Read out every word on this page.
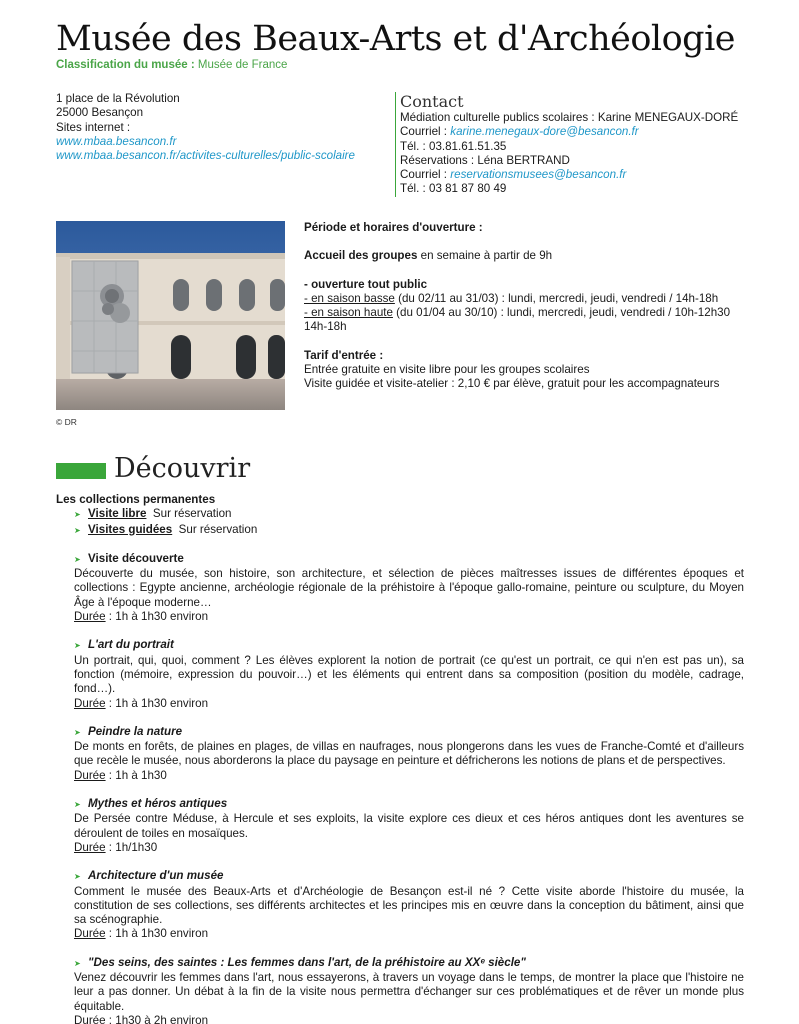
Musée des Beaux-Arts et d'Archéologie
Classification du musée : Musée de France
1 place de la Révolution
25000 Besançon
Sites internet :
www.mbaa.besancon.fr
www.mbaa.besancon.fr/activites-culturelles/public-scolaire
Contact
Médiation culturelle publics scolaires : Karine MENEGAUX-DORÉ
Courriel : karine.menegaux-dore@besancon.fr
Tél. : 03.81.61.51.35
Réservations : Léna BERTRAND
Courriel : reservationsmusees@besancon.fr
Tél. : 03 81 87 80 49
© DR

Période et horaires d'ouverture :

Accueil des groupes en semaine à partir de 9h

- ouverture tout public

- en saison basse (du 02/11 au 31/03) : lundi, mercredi, jeudi, vendredi / 14h-18h

- en saison haute (du 01/04 au 30/10) : lundi, mercredi, jeudi, vendredi / 10h-12h30

14h-18h

Tarif d'entrée :

Entrée gratuite en visite libre pour les groupes scolaires

Visite guidée et visite-atelier : 2,10 € par élève, gratuit pour les accompagnateurs

Découvrir
Les collections permanentes
➤ Visite libre Sur réservation
➤ Visites guidées Sur réservation
➤ Visite découverte
Découverte du musée, son histoire, son architecture, et sélection de pièces maîtresses issues de différentes époques et collections : Egypte ancienne, archéologie régionale de la préhistoire à l'époque gallo-romaine, peinture ou sculpture, du Moyen Âge à l'époque moderne…
Durée : 1h à 1h30 environ
➤ L'art du portrait
Un portrait, qui, quoi, comment ? Les élèves explorent la notion de portrait (ce qu'est un portrait, ce qui n'en est pas un), sa fonction (mémoire, expression du pouvoir…) et les éléments qui entrent dans sa composition (position du modèle, cadrage, fond…).
Durée : 1h à 1h30 environ
➤ Peindre la nature
De monts en forêts, de plaines en plages, de villas en naufrages, nous plongerons dans les vues de Franche-Comté et d'ailleurs que recèle le musée, nous aborderons la place du paysage en peinture et défricherons les notions de plans et de perspectives.
Durée : 1h à 1h30
➤ Mythes et héros antiques
De Persée contre Méduse, à Hercule et ses exploits, la visite explore ces dieux et ces héros antiques dont les aventures se déroulent de toiles en mosaïques.
Durée : 1h/1h30
➤ Architecture d'un musée
Comment le musée des Beaux-Arts et d'Archéologie de Besançon est-il né ? Cette visite aborde l'histoire du musée, la constitution de ses collections, ses différents architectes et les principes mis en œuvre dans la conception du bâtiment, ainsi que sa scénographie.
Durée : 1h à 1h30 environ
➤ "Des seins, des saintes : Les femmes dans l'art, de la préhistoire au XXᵉ siècle"
Venez découvrir les femmes dans l'art, nous essayerons, à travers un voyage dans le temps, de montrer la place que l'histoire ne leur a pas donner. Un débat à la fin de la visite nous permettra d'échanger sur ces problématiques et de rêver un monde plus équitable.
Durée : 1h30 à 2h environ
